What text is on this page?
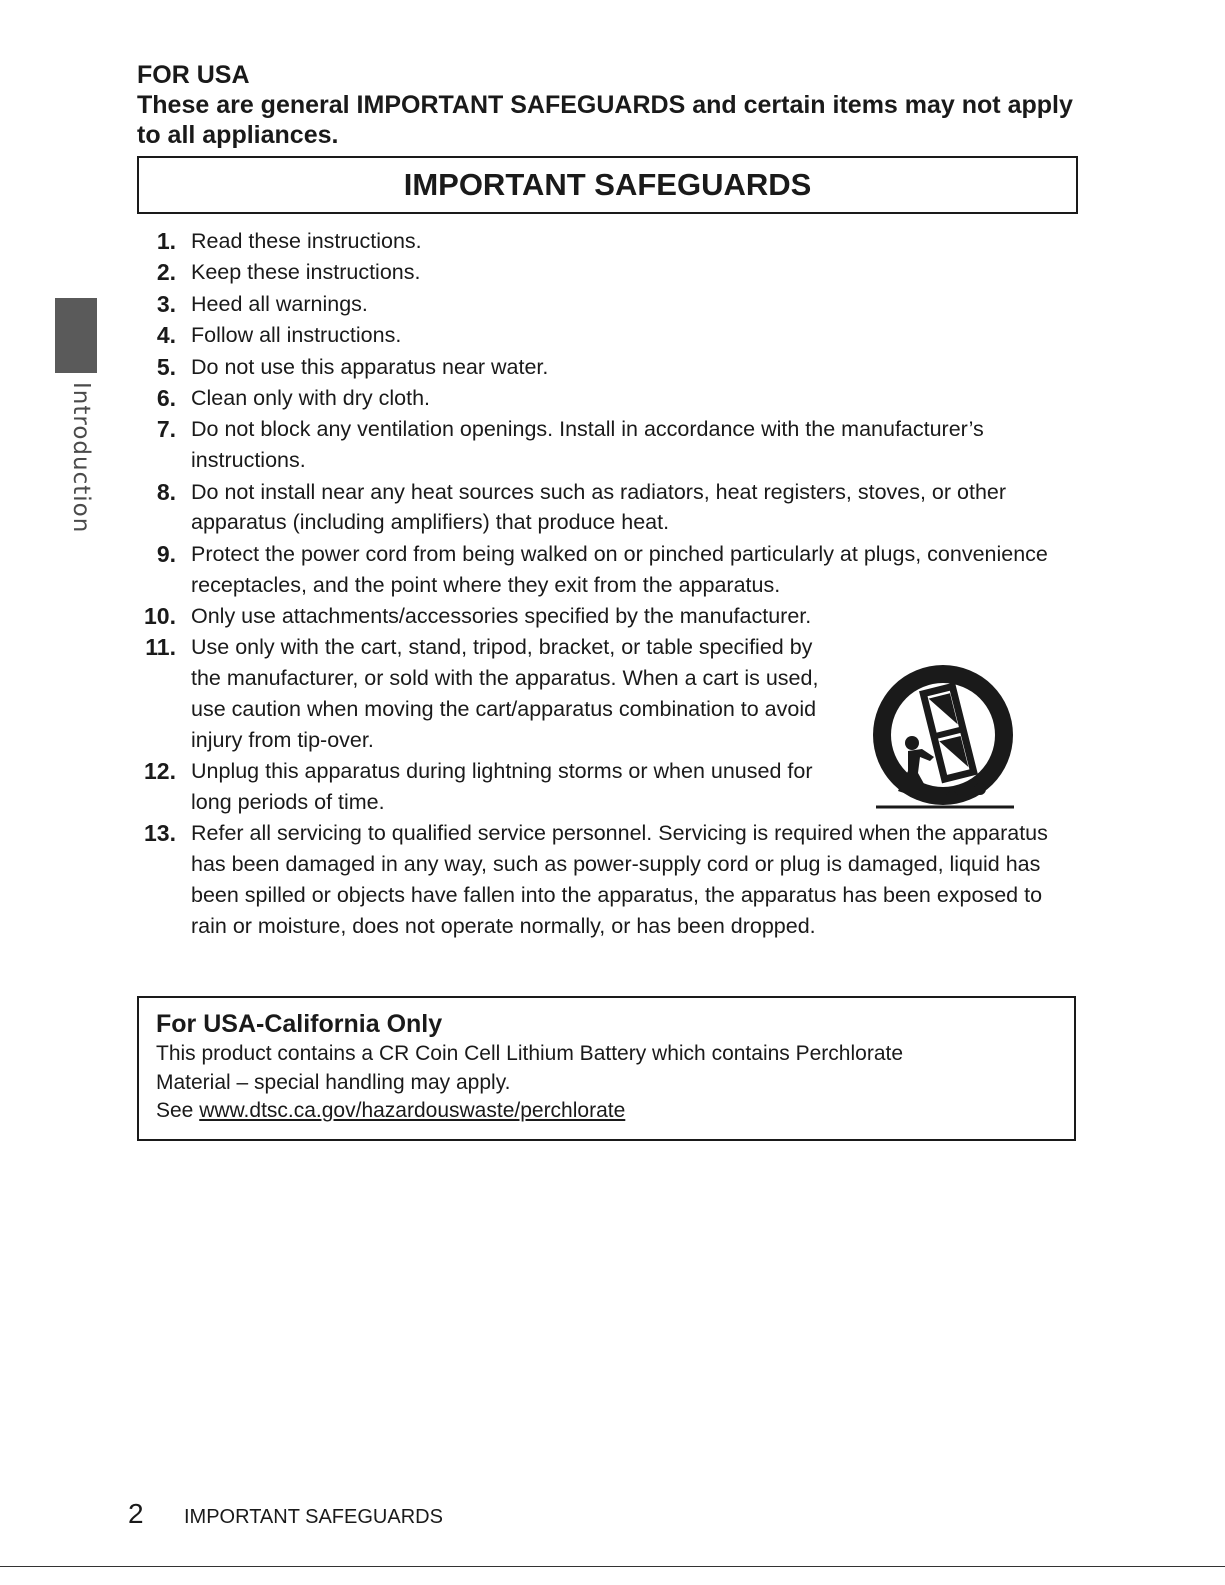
FOR USA
These are general IMPORTANT SAFEGUARDS and certain items may not apply to all appliances.
IMPORTANT SAFEGUARDS
Introduction
1. Read these instructions.
2. Keep these instructions.
3. Heed all warnings.
4. Follow all instructions.
5. Do not use this apparatus near water.
6. Clean only with dry cloth.
7. Do not block any ventilation openings. Install in accordance with the manufacturer’s instructions.
8. Do not install near any heat sources such as radiators, heat registers, stoves, or other apparatus (including amplifiers) that produce heat.
9. Protect the power cord from being walked on or pinched particularly at plugs, convenience receptacles, and the point where they exit from the apparatus.
10. Only use attachments/accessories specified by the manufacturer.
11. Use only with the cart, stand, tripod, bracket, or table specified by the manufacturer, or sold with the apparatus. When a cart is used, use caution when moving the cart/apparatus combination to avoid injury from tip-over.
12. Unplug this apparatus during lightning storms or when unused for long periods of time.
13. Refer all servicing to qualified service personnel. Servicing is required when the apparatus has been damaged in any way, such as power-supply cord or plug is damaged, liquid has been spilled or objects have fallen into the apparatus, the apparatus has been exposed to rain or moisture, does not operate normally, or has been dropped.
For USA-California Only
This product contains a CR Coin Cell Lithium Battery which contains Perchlorate
Material – special handling may apply.
See www.dtsc.ca.gov/hazardouswaste/perchlorate
2	IMPORTANT SAFEGUARDS
